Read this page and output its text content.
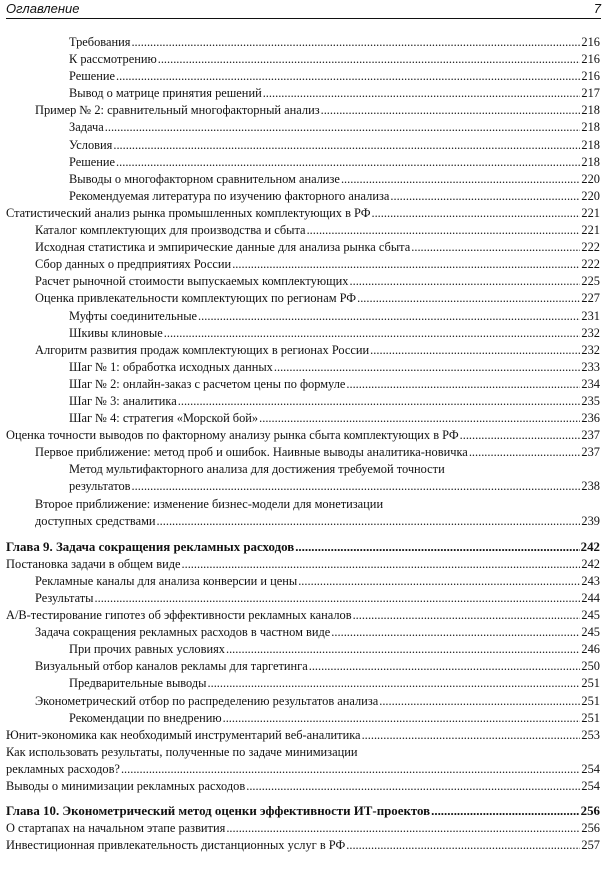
Оглавление	7
Требования .....	216
К рассмотрению .....	216
Решение .....	216
Вывод о матрице принятия решений .....	217
Пример № 2: сравнительный многофакторный анализ .....	218
Задача .....	218
Условия .....	218
Решение .....	218
Выводы о многофакторном сравнительном анализе .....	220
Рекомендуемая литература по изучению факторного анализа .....	220
Статистический анализ рынка промышленных комплектующих в РФ .....	221
Каталог комплектующих для производства и сбыта .....	221
Исходная статистика и эмпирические данные для анализа рынка сбыта .....	222
Сбор данных о предприятиях России .....	222
Расчет рыночной стоимости выпускаемых комплектующих .....	225
Оценка привлекательности комплектующих по регионам РФ .....	227
Муфты соединительные .....	231
Шкивы клиновые .....	232
Алгоритм развития продаж комплектующих в регионах России .....	232
Шаг № 1: обработка исходных данных .....	233
Шаг № 2: онлайн-заказ с расчетом цены по формуле .....	234
Шаг № 3: аналитика .....	235
Шаг № 4: стратегия «Морской бой» .....	236
Оценка точности выводов по факторному анализу рынка сбыта комплектующих в РФ .....	237
Первое приближение: метод проб и ошибок. Наивные выводы аналитика-новичка .....	237
Метод мультифакторного анализа для достижения требуемой точности
результатов .....	238
Второе приближение: изменение бизнес-модели для монетизации
доступных средствами .....	239
Глава 9. Задача сокращения рекламных расходов .....	242
Постановка задачи в общем виде .....	242
Рекламные каналы для анализа конверсии и цены .....	243
Результаты .....	244
А/В-тестирование гипотез об эффективности рекламных каналов .....	245
Задача сокращения рекламных расходов в частном виде .....	245
При прочих равных условиях .....	246
Визуальный отбор каналов рекламы для таргетинга .....	250
Предварительные выводы .....	251
Эконометрический отбор по распределению результатов анализа .....	251
Рекомендации по внедрению .....	251
Юнит-экономика как необходимый инструментарий веб-аналитика .....	253
Как использовать результаты, полученные по задаче минимизации
рекламных расходов? .....	254
Выводы о минимизации рекламных расходов .....	254
Глава 10. Эконометрический метод оценки эффективности ИТ-проектов .....	256
О стартапах на начальном этапе развития .....	256
Инвестиционная привлекательность дистанционных услуг в РФ .....	257
